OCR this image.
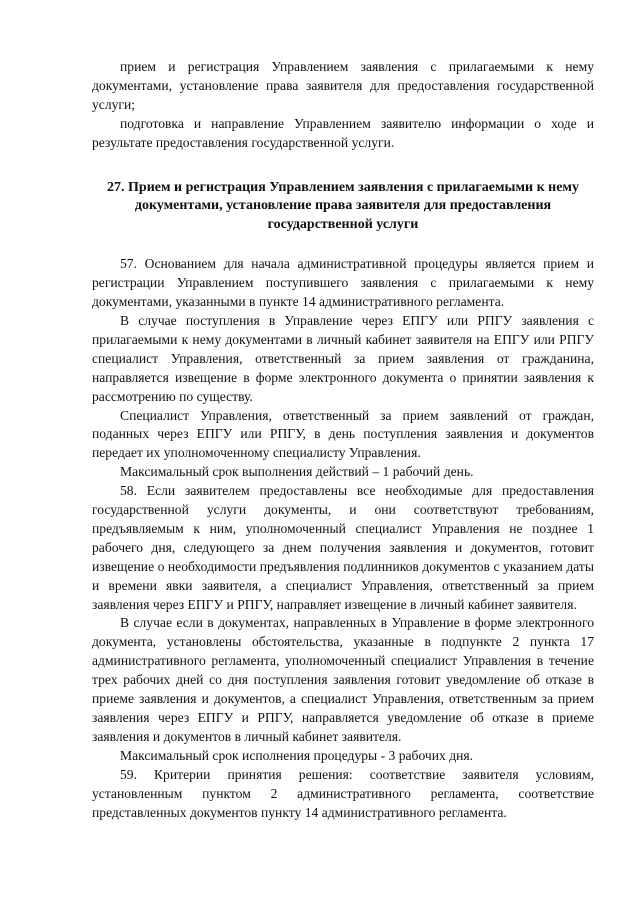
прием и регистрация Управлением заявления с прилагаемыми к нему документами, установление права заявителя для предоставления государственной услуги;

подготовка и направление Управлением заявителю информации о ходе и результате предоставления государственной услуги.

27. Прием и регистрация Управлением заявления с прилагаемыми к нему документами, установление права заявителя для предоставления государственной услуги

57. Основанием для начала административной процедуры является прием и регистрации Управлением поступившего заявления с прилагаемыми к нему документами, указанными в пункте 14 административного регламента.

В случае поступления в Управление через ЕПГУ или РПГУ заявления с прилагаемыми к нему документами в личный кабинет заявителя на ЕПГУ или РПГУ специалист Управления, ответственный за прием заявления от гражданина, направляется извещение в форме электронного документа о принятии заявления к рассмотрению по существу.

Специалист Управления, ответственный за прием заявлений от граждан, поданных через ЕПГУ или РПГУ, в день поступления заявления и документов передает их уполномоченному специалисту Управления.

Максимальный срок выполнения действий – 1 рабочий день.

58. Если заявителем предоставлены все необходимые для предоставления государственной услуги документы, и они соответствуют требованиям, предъявляемым к ним, уполномоченный специалист Управления не позднее 1 рабочего дня, следующего за днем получения заявления и документов, готовит извещение о необходимости предъявления подлинников документов с указанием даты и времени явки заявителя, а специалист Управления, ответственный за прием заявления через ЕПГУ и РПГУ, направляет извещение в личный кабинет заявителя.

В случае если в документах, направленных в Управление в форме электронного документа, установлены обстоятельства, указанные в подпункте 2 пункта 17 административного регламента, уполномоченный специалист Управления в течение трех рабочих дней со дня поступления заявления готовит уведомление об отказе в приеме заявления и документов, а специалист Управления, ответственным за прием заявления через ЕПГУ и РПГУ, направляется уведомление об отказе в приеме заявления и документов в личный кабинет заявителя.

Максимальный срок исполнения процедуры - 3 рабочих дня.

59. Критерии принятия решения: соответствие заявителя условиям, установленным пунктом 2 административного регламента, соответствие представленных документов пункту 14 административного регламента.
